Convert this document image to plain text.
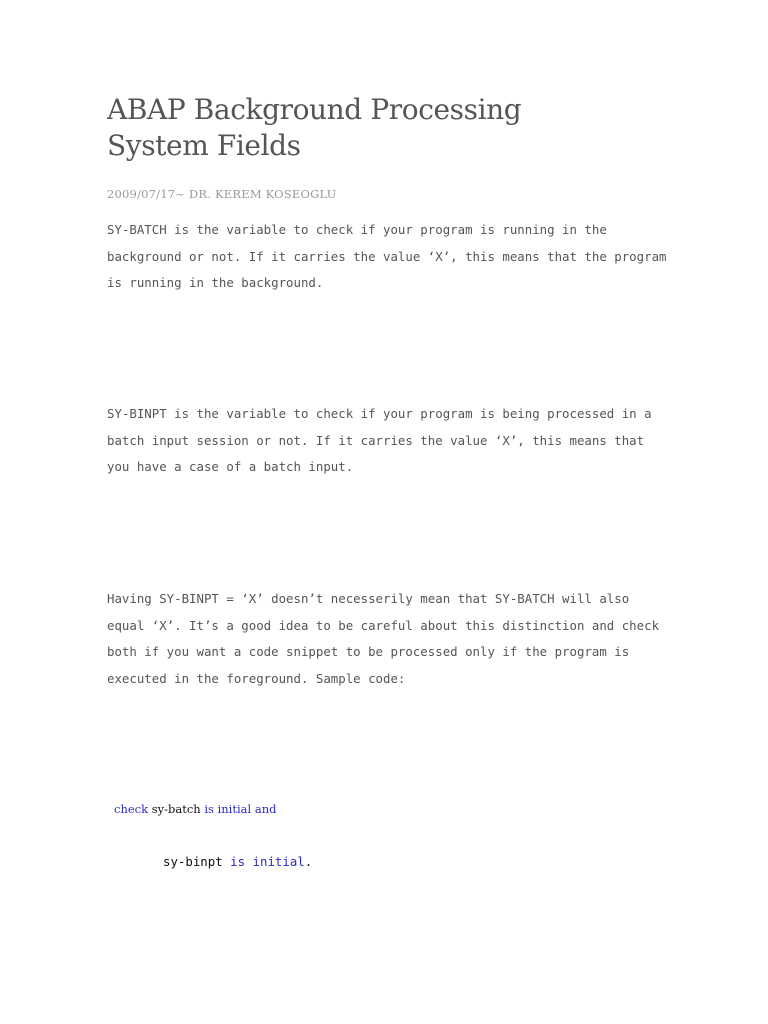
ABAP Background Processing
System Fields
2009/07/17~ DR. KEREM KOSEOGLU

SY-BATCH is the variable to check if your program is running in the background or not. If it carries the value ‘X’, this means that the program is running in the background.

SY-BINPT is the variable to check if your program is being processed in a batch input session or not. If it carries the value ‘X’, this means that you have a case of a batch input.

Having SY-BINPT = ‘X’ doesn’t necesserily mean that SY-BATCH will also equal ‘X’. It’s a good idea to be careful about this distinction and check both if you want a code snippet to be processed only if the program is executed in the foreground. Sample code:

check sy-batch is initial and
sy-binpt is initial.
